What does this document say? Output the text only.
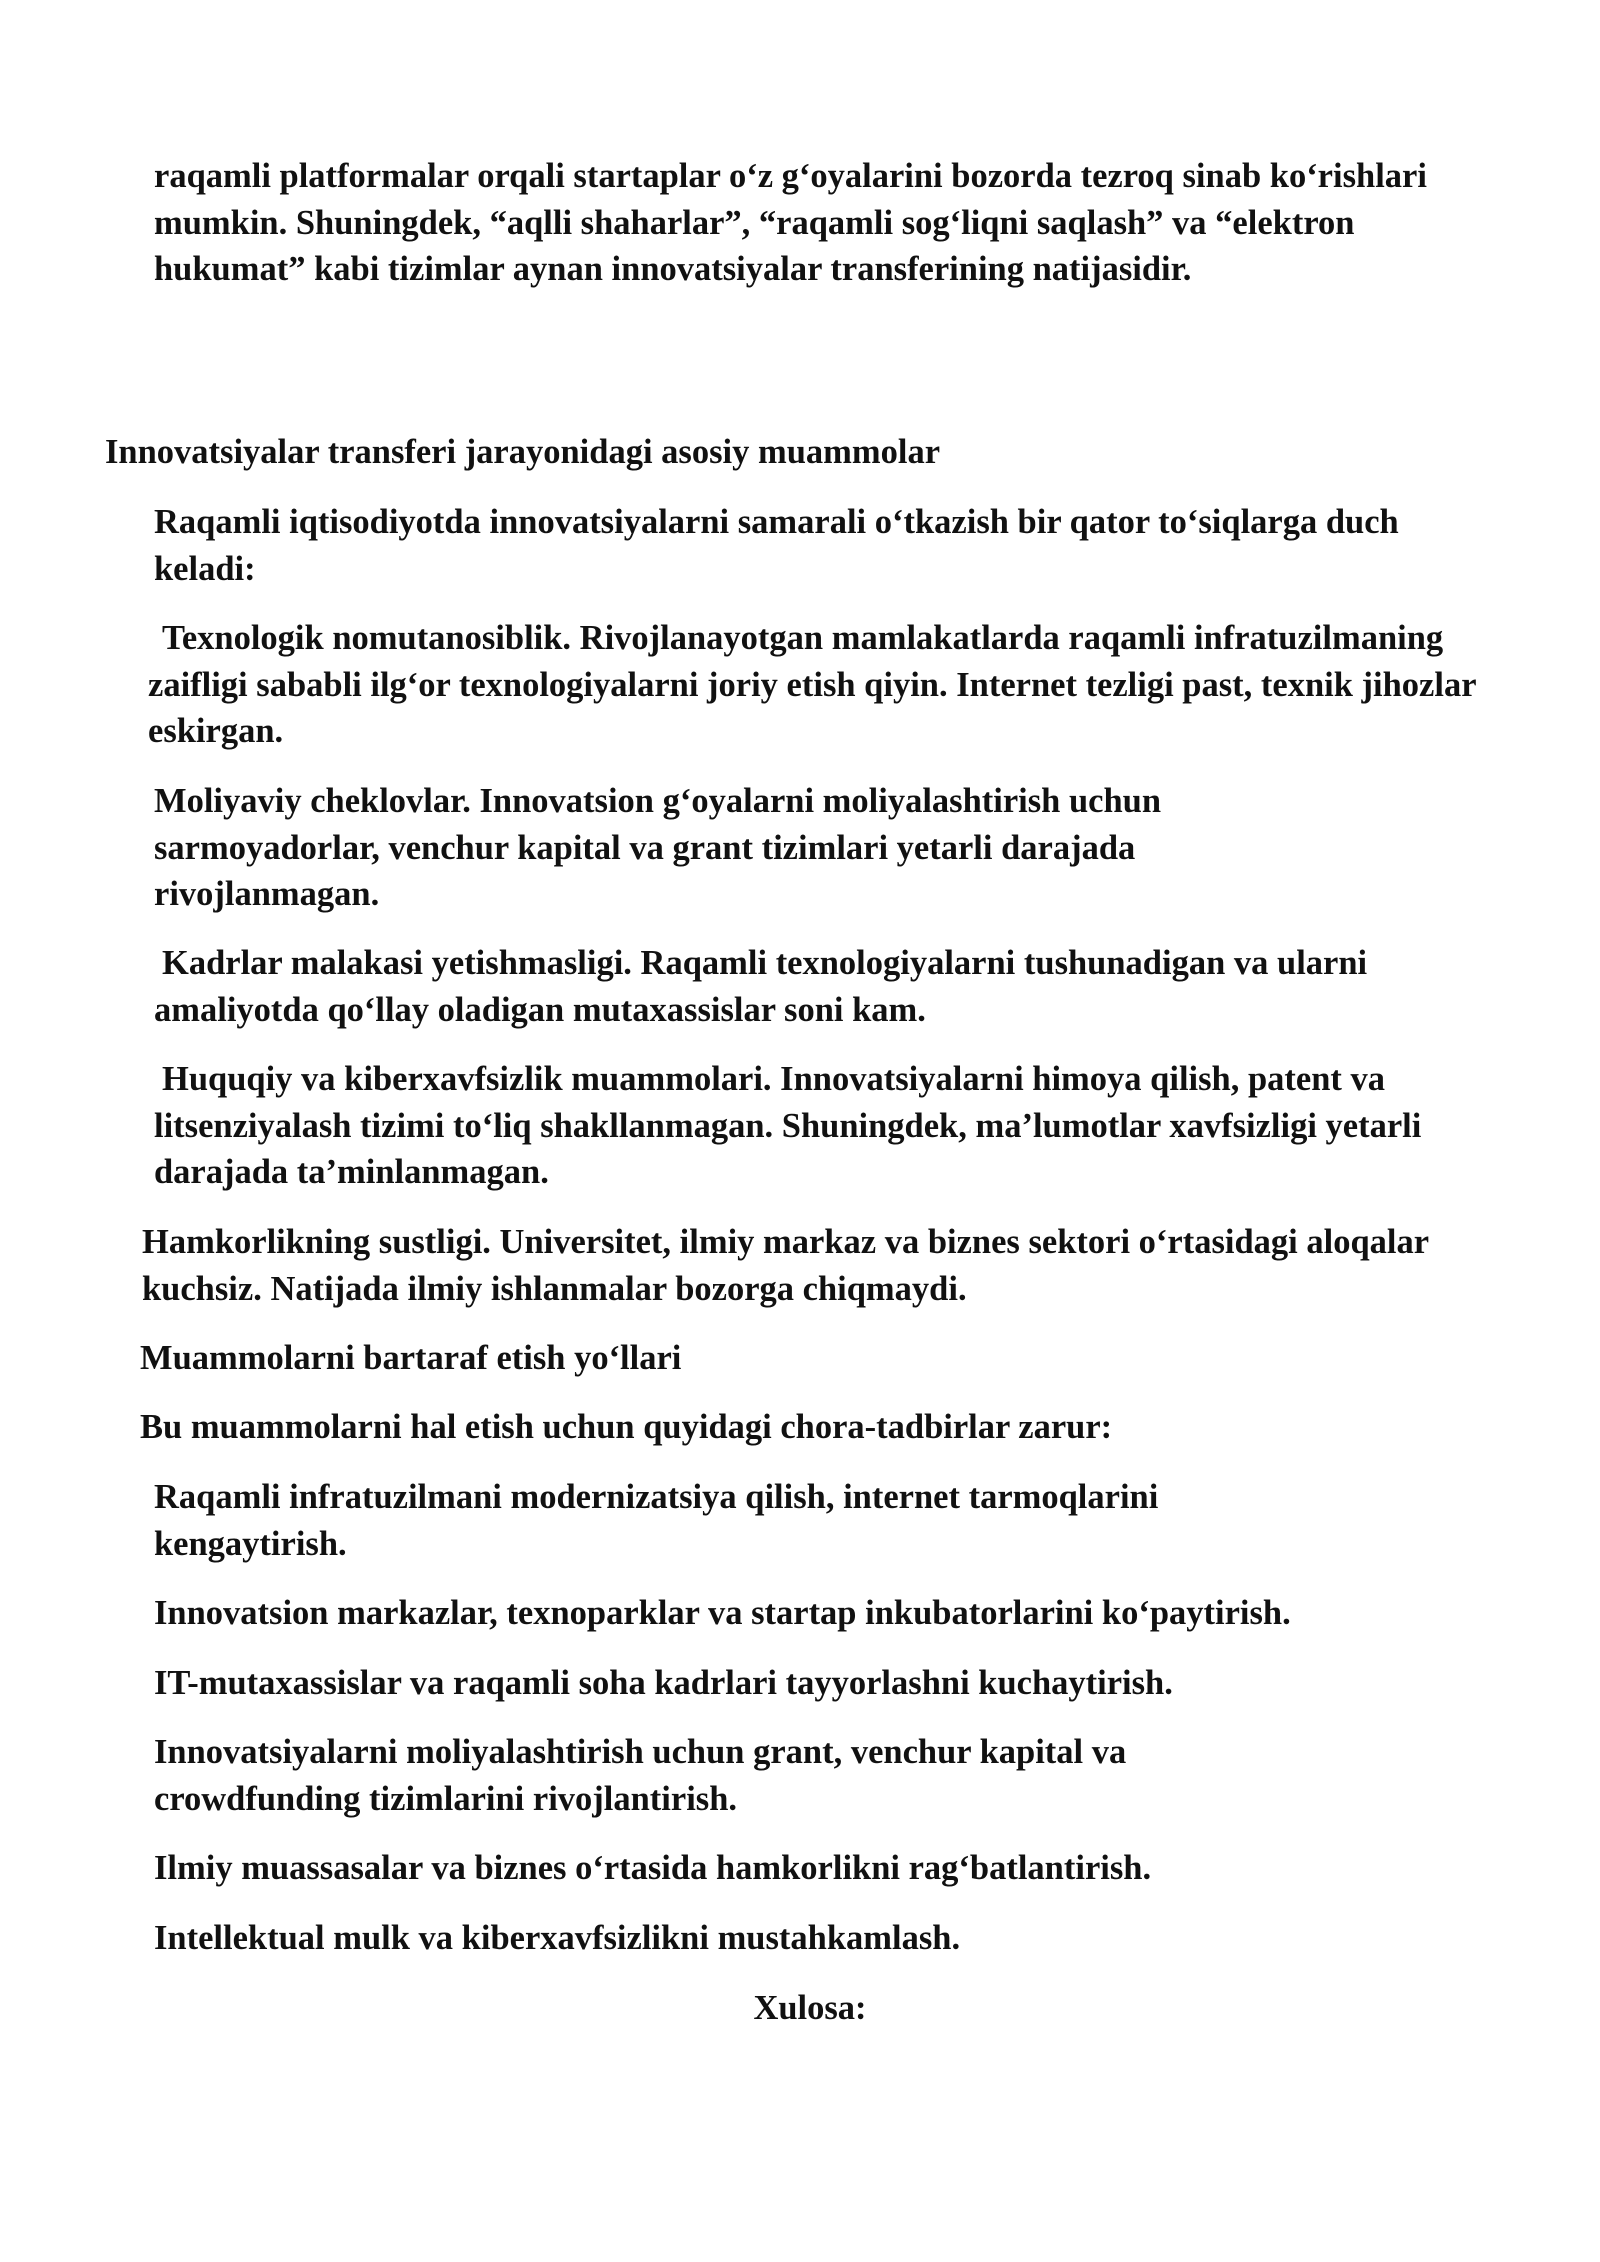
raqamli platformalar orqali startaplar o‘z g‘oyalarini bozorda tezroq sinab ko‘rishlari mumkin. Shuningdek, “aqlli shaharlar”, “raqamli sog‘liqni saqlash” va “elektron hukumat” kabi tizimlar aynan innovatsiyalar transferining natijasidir.

Innovatsiyalar transferi jarayonidagi asosiy muammolar

Raqamli iqtisodiyotda innovatsiyalarni samarali o‘tkazish bir qator to‘siqlarga duch keladi:

Texnologik nomutanosiblik. Rivojlanayotgan mamlakatlarda raqamli infratuzilmaning zaifligi sababli ilg‘or texnologiyalarni joriy etish qiyin. Internet tezligi past, texnik jihozlar eskirgan.

Moliyaviy cheklovlar. Innovatsion g‘oyalarni moliyalashtirish uchun sarmoyadorlar, venchur kapital va grant tizimlari yetarli darajada rivojlanmagan.

Kadrlar malakasi yetishmasligi. Raqamli texnologiyalarni tushunadigan va ularni amaliyotda qo‘llay oladigan mutaxassislar soni kam.

Huquqiy va kiberxavfsizlik muammolari. Innovatsiyalarni himoya qilish, patent va litsenziyalash tizimi to‘liq shakllanmagan. Shuningdek, ma’lumotlar xavfsizligi yetarli darajada ta’minlanmagan.

Hamkorlikning sustligi. Universitet, ilmiy markaz va biznes sektori o‘rtasidagi aloqalar kuchsiz. Natijada ilmiy ishlanmalar bozorga chiqmaydi.

Muammolarni bartaraf etish yo‘llari

Bu muammolarni hal etish uchun quyidagi chora-tadbirlar zarur:

Raqamli infratuzilmani modernizatsiya qilish, internet tarmoqlarini kengaytirish.

Innovatsion markazlar, texnoparklar va startap inkubatorlarini ko‘paytirish.

IT-mutaxassislar va raqamli soha kadrlari tayyorlashni kuchaytirish.

Innovatsiyalarni moliyalashtirish uchun grant, venchur kapital va crowdfunding tizimlarini rivojlantirish.

Ilmiy muassasalar va biznes o‘rtasida hamkorlikni rag‘batlantirish.

Intellektual mulk va kiberxavfsizlikni mustahkamlash.

Xulosa:
